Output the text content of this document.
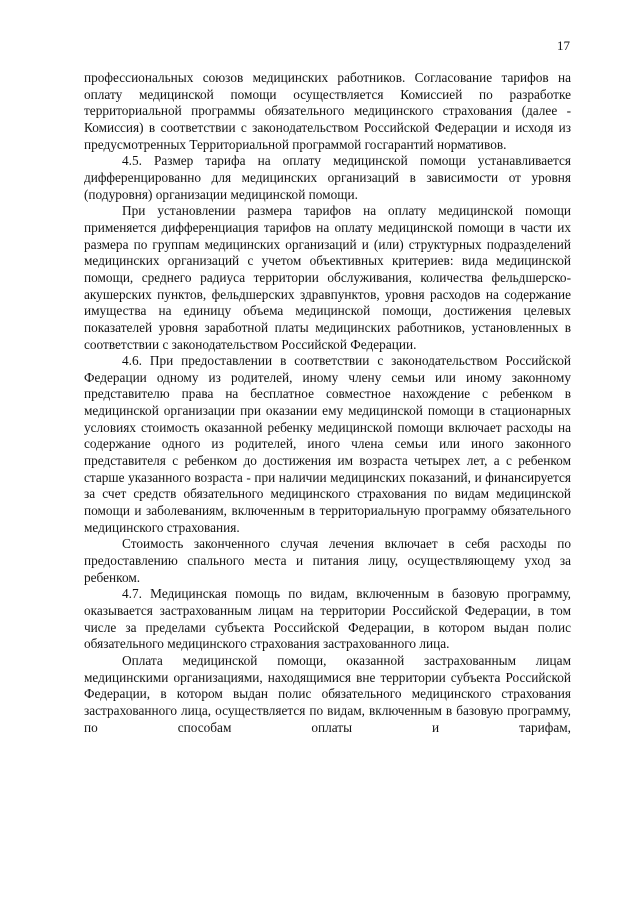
17

профессиональных союзов медицинских работников. Согласование тарифов на оплату медицинской помощи осуществляется Комиссией по разработке территориальной программы обязательного медицинского страхования (далее - Комиссия) в соответствии с законодательством Российской Федерации и исходя из предусмотренных Территориальной программой госгарантий нормативов.

4.5. Размер тарифа на оплату медицинской помощи устанавливается дифференцированно для медицинских организаций в зависимости от уровня (подуровня) организации медицинской помощи.

При установлении размера тарифов на оплату медицинской помощи применяется дифференциация тарифов на оплату медицинской помощи в части их размера по группам медицинских организаций и (или) структурных подразделений медицинских организаций с учетом объективных критериев: вида медицинской помощи, среднего радиуса территории обслуживания, количества фельдшерско-акушерских пунктов, фельдшерских здравпунктов, уровня расходов на содержание имущества на единицу объема медицинской помощи, достижения целевых показателей уровня заработной платы медицинских работников, установленных в соответствии с законодательством Российской Федерации.

4.6. При предоставлении в соответствии с законодательством Российской Федерации одному из родителей, иному члену семьи или иному законному представителю права на бесплатное совместное нахождение с ребенком в медицинской организации при оказании ему медицинской помощи в стационарных условиях стоимость оказанной ребенку медицинской помощи включает расходы на содержание одного из родителей, иного члена семьи или иного законного представителя с ребенком до достижения им возраста четырех лет, а с ребенком старше указанного возраста - при наличии медицинских показаний, и финансируется за счет средств обязательного медицинского страхования по видам медицинской помощи и заболеваниям, включенным в территориальную программу обязательного медицинского страхования.

Стоимость законченного случая лечения включает в себя расходы по предоставлению спального места и питания лицу, осуществляющему уход за ребенком.

4.7. Медицинская помощь по видам, включенным в базовую программу, оказывается застрахованным лицам на территории Российской Федерации, в том числе за пределами субъекта Российской Федерации, в котором выдан полис обязательного медицинского страхования застрахованного лица.

Оплата медицинской помощи, оказанной застрахованным лицам медицинскими организациями, находящимися вне территории субъекта Российской Федерации, в котором выдан полис обязательного медицинского страхования застрахованного лица, осуществляется по видам, включенным в базовую программу, по способам оплаты и тарифам,
